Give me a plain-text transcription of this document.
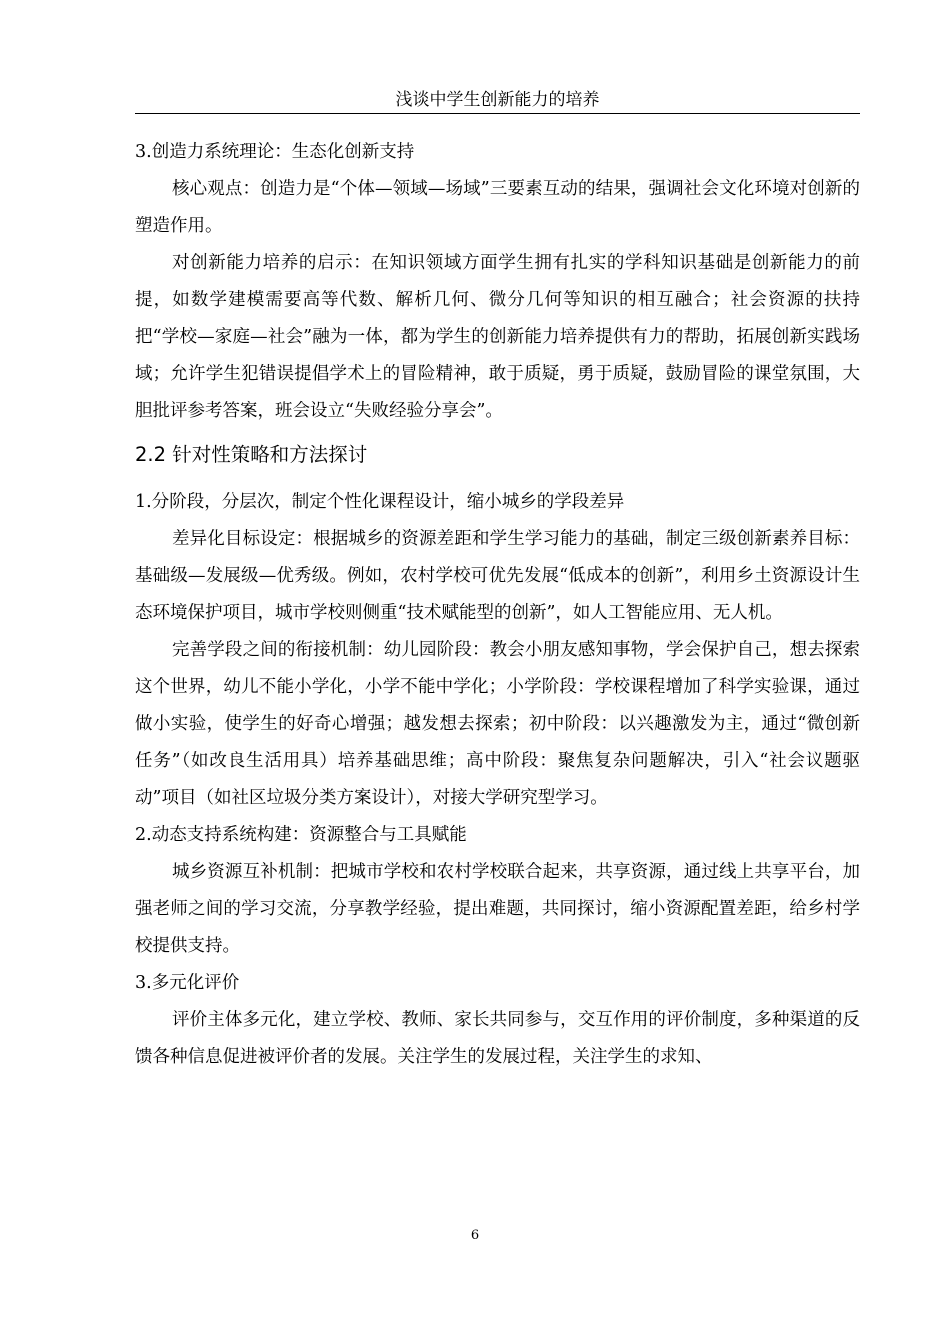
浅谈中学生创新能力的培养

3.创造力系统理论：生态化创新支持

核心观点：创造力是“个体—领域—场域”三要素互动的结果，强调社会文化环境对创新的塑造作用。

对创新能力培养的启示：在知识领域方面学生拥有扎实的学科知识基础是创新能力的前提，如数学建模需要高等代数、解析几何、微分几何等知识的相互融合；社会资源的扶持把“学校—家庭—社会”融为一体，都为学生的创新能力培养提供有力的帮助，拓展创新实践场域；允许学生犯错误提倡学术上的冒险精神，敢于质疑，勇于质疑，鼓励冒险的课堂氛围，大胆批评参考答案，班会设立“失败经验分享会”。

2.2 针对性策略和方法探讨

1.分阶段，分层次，制定个性化课程设计，缩小城乡的学段差异

差异化目标设定：根据城乡的资源差距和学生学习能力的基础，制定三级创新素养目标：基础级—发展级—优秀级。例如，农村学校可优先发展“低成本的创新”，利用乡土资源设计生态环境保护项目，城市学校则侧重“技术赋能型的创新”，如人工智能应用、无人机。

完善学段之间的衔接机制：幼儿园阶段：教会小朋友感知事物，学会保护自己，想去探索这个世界，幼儿不能小学化，小学不能中学化；小学阶段：学校课程增加了科学实验课，通过做小实验，使学生的好奇心增强；越发想去探索；初中阶段：以兴趣激发为主，通过“微创新任务”（如改良生活用具）培养基础思维；高中阶段：聚焦复杂问题解决，引入“社会议题驱动”项目（如社区垃圾分类方案设计），对接大学研究型学习。

2.动态支持系统构建：资源整合与工具赋能

城乡资源互补机制：把城市学校和农村学校联合起来，共享资源，通过线上共享平台，加强老师之间的学习交流，分享教学经验，提出难题，共同探讨，缩小资源配置差距，给乡村学校提供支持。

3.多元化评价

评价主体多元化，建立学校、教师、家长共同参与，交互作用的评价制度，多种渠道的反馈各种信息促进被评价者的发展。关注学生的发展过程，关注学生的求知、

6
